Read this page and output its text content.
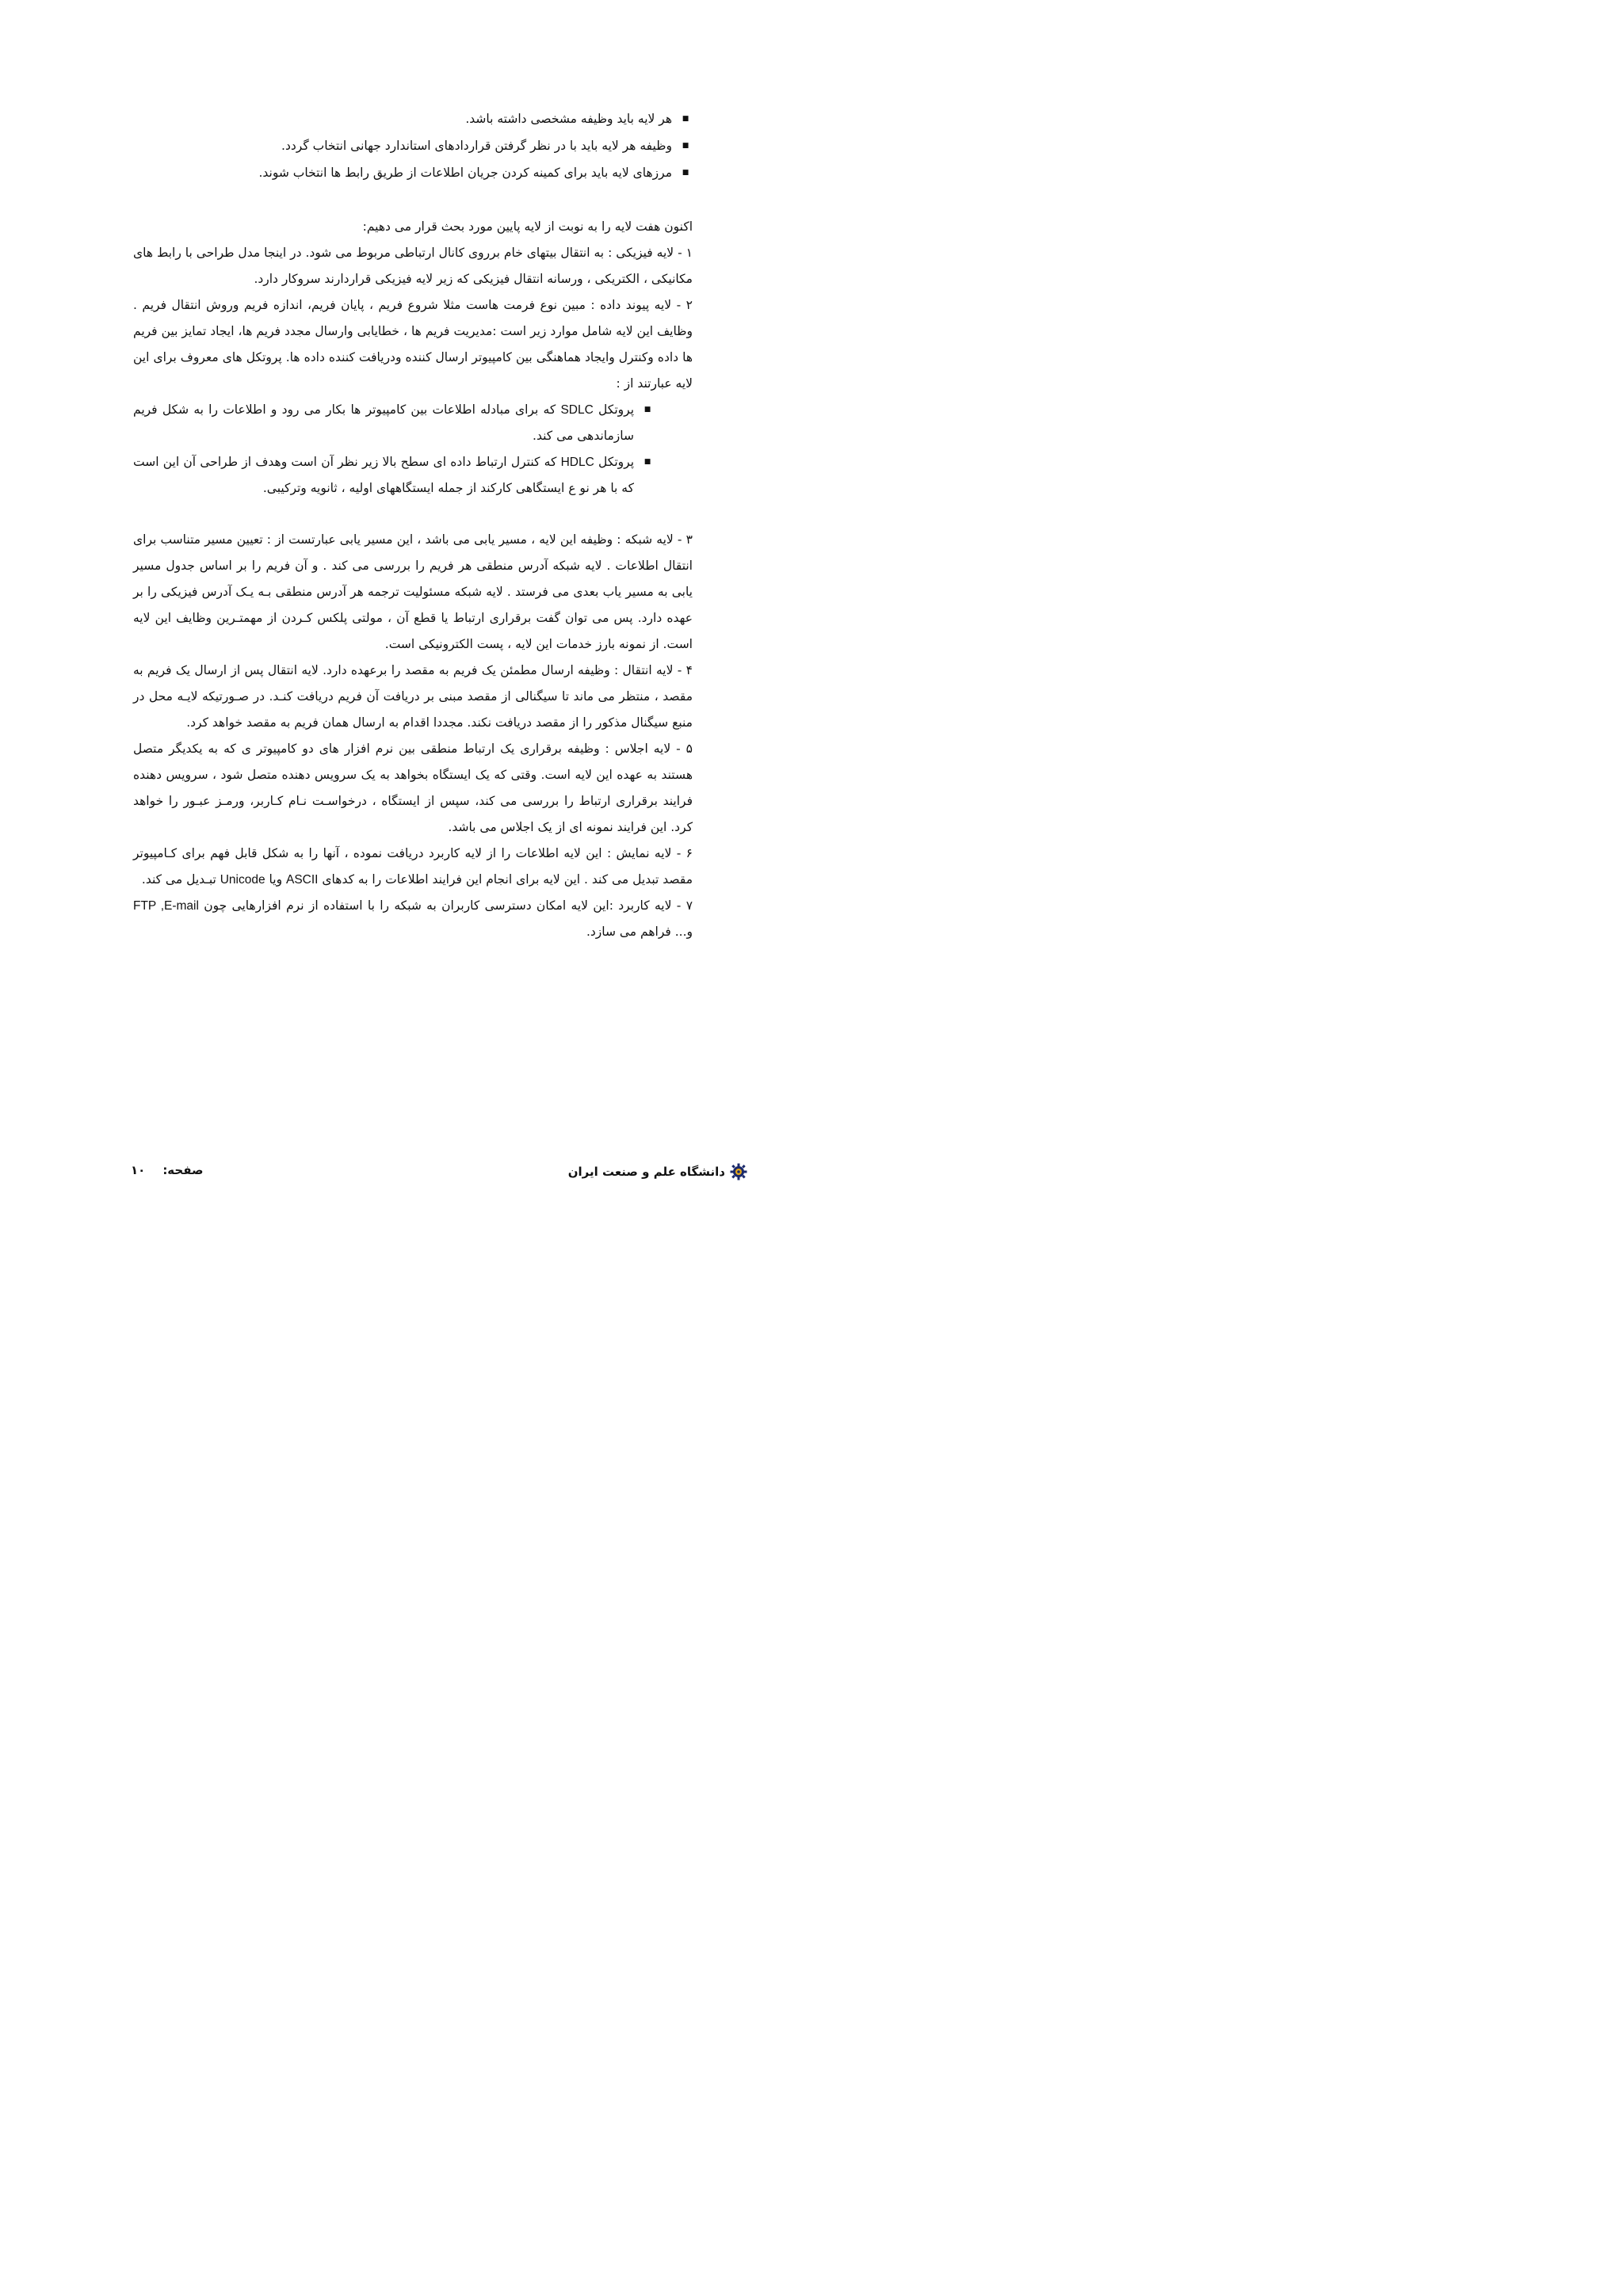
■
هر لایه باید وظیفه مشخصی داشته باشد.

■
وظیفه هر لایه باید با در نظر گرفتن قراردادهای استاندارد جهانی انتخاب گردد.

■
مرزهای لایه باید برای کمینه کردن جریان اطلاعات از طریق رابط ها انتخاب شوند.

اکنون هفت لایه را به نوبت از لایه پایین مورد بحث قرار می دهیم:

۱ - لایه فیزیکی : به انتقال بیتهای خام برروی کانال ارتباطی مربوط می شود. در اینجا مدل طراحی با رابط های مکانیکی ، الکتریکی ، ورسانه انتقال فیزیکی که زیر لایه فیزیکی قراردارند سروکار دارد.

۲ - لایه پیوند داده : مبین نوع فرمت هاست مثلا شروع فریم ، پایان فریم، اندازه فریم وروش انتقال فریم . وظایف این لایه شامل موارد زیر است :مدیریت فریم ها ، خطایابی وارسال مجدد فریم ها، ایجاد تمایز بین فریم ها داده وکنترل وایجاد هماهنگی بین کامپیوتر ارسال کننده ودریافت کننده داده ها. پروتکل های معروف برای این لایه عبارتند از :

■
پروتکل SDLC که برای مبادله اطلاعات بین کامپیوتر ها بکار می رود و اطلاعات را به شکل فریم سازماندهی می کند.

■
پروتکل HDLC که کنترل ارتباط داده ای سطح بالا زیر نظر آن است وهدف از طراحی آن این است که با هر نو ع ایستگاهی کارکند از جمله ایستگاههای اولیه ، ثانویه وترکیبی.

۳ - لایه شبکه : وظیفه این لایه ، مسیر یابی می باشد ، این مسیر یابی عبارتست از : تعیین مسیر متناسب برای انتقال اطلاعات . لایه شبکه آدرس منطقی هر فریم را بررسی می کند . و آن فریم را بر اساس جدول مسیر یابی به مسیر یاب بعدی می فرستد . لایه شبکه مسئولیت ترجمه هر آدرس منطقی بـه یـک آدرس فیزیکی را بر عهده دارد. پس می توان گفت برقراری ارتباط یا قطع آن ، مولتی پلکس کـردن از مهمتـرین وظایف این لایه است. از نمونه بارز خدمات این لایه ، پست الکترونیکی است.

۴ - لایه انتقال : وظیفه ارسال مطمئن یک فریم به مقصد را برعهده دارد. لایه انتقال پس از ارسال یک فریم به مقصد ، منتظر می ماند تا سیگنالی از مقصد مبنی بر دریافت آن فریم دریافت کنـد. در صـورتیکه لایـه محل در منبع سیگنال مذکور را از مقصد دریافت نکند. مجددا اقدام به ارسال همان فریم به مقصد خواهد کرد.

۵ - لایه اجلاس : وظیفه برقراری یک ارتباط منطقی بین نرم افزار های دو کامپیوتر ی که به یکدیگر متصل هستند به عهده این لایه است. وقتی که یک ایستگاه بخواهد به یک سرویس دهنده متصل شود ، سرویس دهنده فرایند برقراری ارتباط را بررسی می کند، سپس از ایستگاه ، درخواسـت نـام کـاربر، ورمـز عبـور را خواهد کرد. این فرایند نمونه ای از یک اجلاس می باشد.

۶ - لایه نمایش : این لایه اطلاعات را از لایه کاربرد دریافت نموده ، آنها را به شکل قابل فهم برای کـامپیوتر مقصد تبدیل می کند . این لایه برای انجام این فرایند اطلاعات را به کدهای ASCII ویا Unicode تبـدیل می کند.

۷ - لایه کاربرد :این لایه امکان دسترسی کاربران به شبکه را با استفاده از نرم افزارهایی چون FTP ,E-mail و... فراهم می سازد.

دانشگاه علم و صنعت ایران
صفحه:
۱۰
